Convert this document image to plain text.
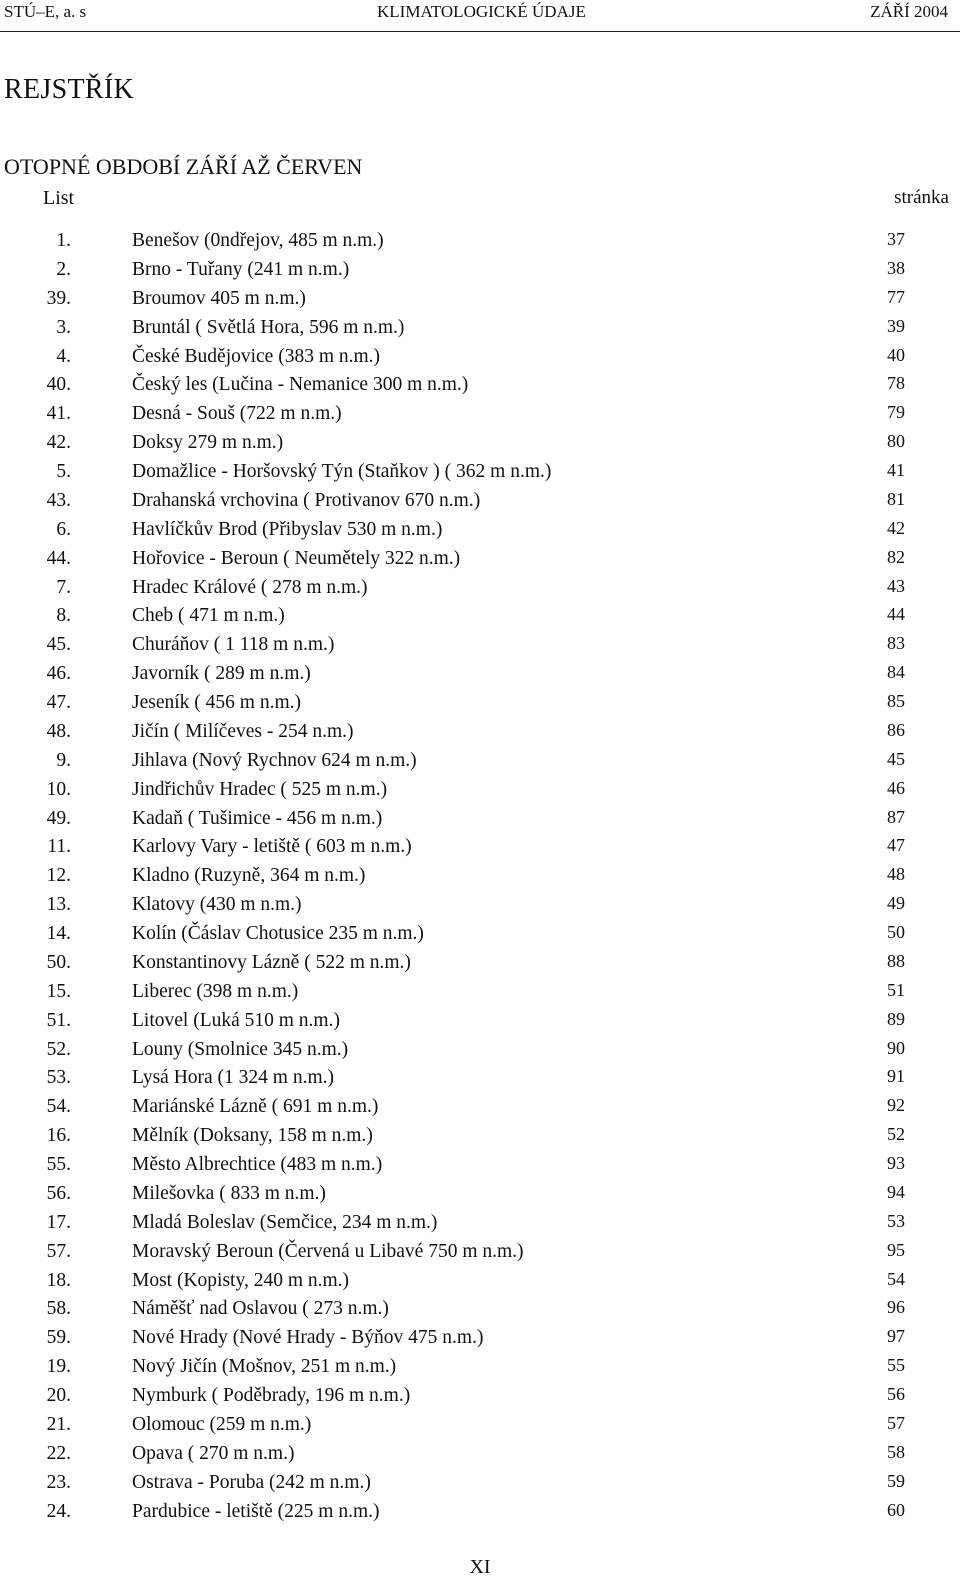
STÚ–E, a. s	KLIMATOLOGICKÉ ÚDAJE	ZÁŘÍ 2004
REJSTŘÍK
OTOPNÉ OBDOBÍ ZÁŘÍ AŽ ČERVEN
List	stránka
1.	Benešov (0ndřejov, 485 m n.m.)	37
2.	Brno - Tuřany (241 m n.m.)	38
39.	Broumov 405 m n.m.)	77
3.	Bruntál ( Světlá Hora, 596 m n.m.)	39
4.	České Budějovice (383 m n.m.)	40
40.	Český les (Lučina - Nemanice 300 m n.m.)	78
41.	Desná - Souš (722 m n.m.)	79
42.	Doksy 279 m n.m.)	80
5.	Domažlice - Horšovský Týn (Staňkov ) ( 362 m n.m.)	41
43.	Drahanská vrchovina ( Protivanov 670 n.m.)	81
6.	Havlíčkův Brod (Přibyslav 530 m n.m.)	42
44.	Hořovice - Beroun ( Neumětely 322 n.m.)	82
7.	Hradec Králové ( 278 m n.m.)	43
8.	Cheb ( 471 m n.m.)	44
45.	Churáňov ( 1 118 m n.m.)	83
46.	Javorník ( 289 m n.m.)	84
47.	Jeseník ( 456 m n.m.)	85
48.	Jičín ( Milíčeves - 254 n.m.)	86
9.	Jihlava (Nový Rychnov 624 m n.m.)	45
10.	Jindřichův Hradec ( 525 m n.m.)	46
49.	Kadaň ( Tušimice - 456 m n.m.)	87
11.	Karlovy Vary - letiště ( 603 m n.m.)	47
12.	Kladno (Ruzyně, 364 m n.m.)	48
13.	Klatovy (430 m n.m.)	49
14.	Kolín (Čáslav Chotusice 235 m n.m.)	50
50.	Konstantinovy Lázně ( 522 m n.m.)	88
15.	Liberec (398 m n.m.)	51
51.	Litovel (Luká 510 m n.m.)	89
52.	Louny (Smolnice 345 n.m.)	90
53.	Lysá Hora (1 324 m n.m.)	91
54.	Mariánské Lázně ( 691 m n.m.)	92
16.	Mělník (Doksany, 158 m n.m.)	52
55.	Město Albrechtice (483 m n.m.)	93
56.	Milešovka ( 833 m n.m.)	94
17.	Mladá Boleslav (Semčice, 234 m n.m.)	53
57.	Moravský Beroun (Červená u Libavé 750 m n.m.)	95
18.	Most (Kopisty, 240 m n.m.)	54
58.	Náměšť nad Oslavou ( 273 n.m.)	96
59.	Nové Hrady (Nové Hrady - Býňov 475 n.m.)	97
19.	Nový Jičín (Mošnov, 251 m n.m.)	55
20.	Nymburk ( Poděbrady, 196 m n.m.)	56
21.	Olomouc (259 m n.m.)	57
22.	Opava ( 270 m n.m.)	58
23.	Ostrava - Poruba (242 m n.m.)	59
24.	Pardubice - letiště (225 m n.m.)	60
XI
